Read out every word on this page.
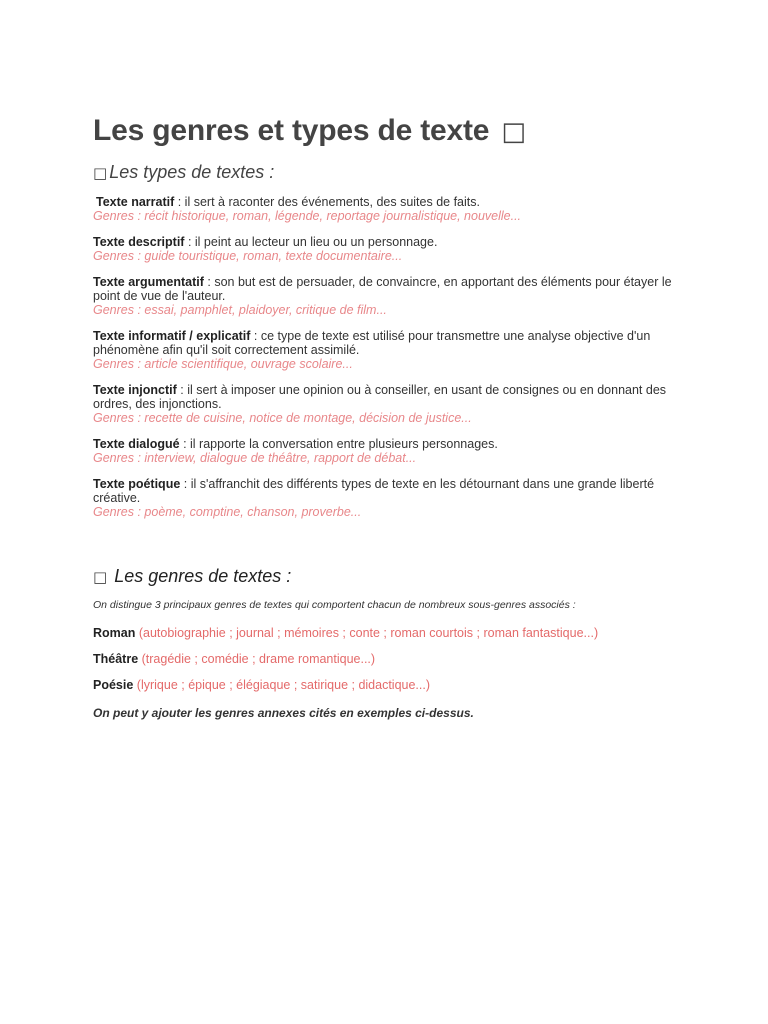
Les genres et types de texte □
□ Les types de textes :

Texte narratif : il sert à raconter des événements, des suites de faits.
Genres : récit historique, roman, légende, reportage journalistique, nouvelle...

Texte descriptif : il peint au lecteur un lieu ou un personnage.
Genres : guide touristique, roman, texte documentaire...

Texte argumentatif : son but est de persuader, de convaincre, en apportant des éléments pour étayer le point de vue de l'auteur.
Genres : essai, pamphlet, plaidoyer, critique de film...

Texte informatif / explicatif : ce type de texte est utilisé pour transmettre une analyse objective d'un phénomène afin qu'il soit correctement assimilé.
Genres : article scientifique, ouvrage scolaire...

Texte injonctif : il sert à imposer une opinion ou à conseiller, en usant de consignes ou en donnant des ordres, des injonctions.
Genres : recette de cuisine, notice de montage, décision de justice...

Texte dialogué : il rapporte la conversation entre plusieurs personnages.
Genres : interview, dialogue de théâtre, rapport de débat...

Texte poétique : il s'affranchit des différents types de texte en les détournant dans une grande liberté créative.
Genres : poème, comptine, chanson, proverbe...

□ Les genres de textes :

On distingue 3 principaux genres de textes qui comportent chacun de nombreux sous-genres associés :

Roman (autobiographie ; journal ; mémoires ; conte ; roman courtois ; roman fantastique...)

Théâtre (tragédie ; comédie ; drame romantique...)

Poésie (lyrique ; épique ; élégiaque ; satirique ; didactique...)

On peut y ajouter les genres annexes cités en exemples ci-dessus.
